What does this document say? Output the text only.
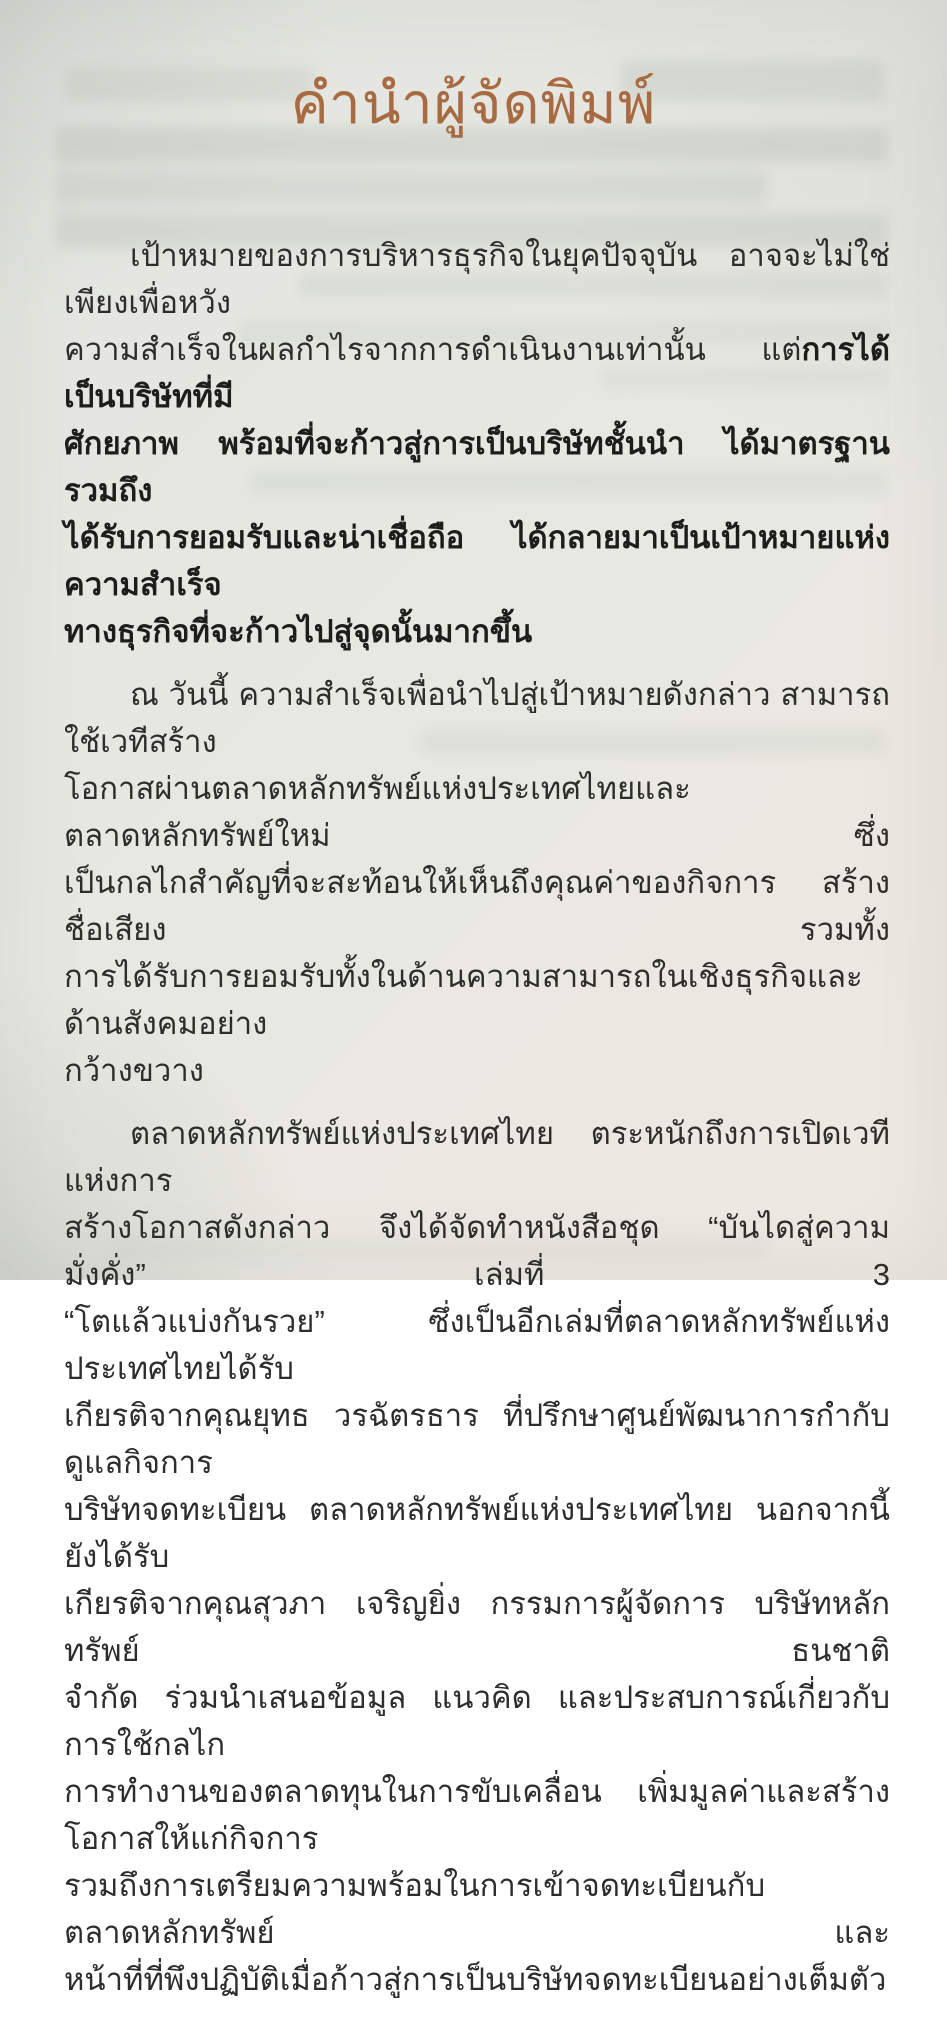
คำนำผู้จัดพิมพ์
เป้าหมายของการบริหารธุรกิจในยุคปัจจุบัน อาจจะไม่ใช่เพียงเพื่อหวัง
ความสำเร็จในผลกำไรจากการดำเนินงานเท่านั้น แต่การได้เป็นบริษัทที่มี
ศักยภาพ พร้อมที่จะก้าวสู่การเป็นบริษัทชั้นนำ ได้มาตรฐาน รวมถึง
ได้รับการยอมรับและน่าเชื่อถือ ได้กลายมาเป็นเป้าหมายแห่งความสำเร็จ
ทางธุรกิจที่จะก้าวไปสู่จุดนั้นมากขึ้น
ณ วันนี้ ความสำเร็จเพื่อนำไปสู่เป้าหมายดังกล่าว สามารถใช้เวทีสร้าง
โอกาสผ่านตลาดหลักทรัพย์แห่งประเทศไทยและตลาดหลักทรัพย์ใหม่ ซึ่ง
เป็นกลไกสำคัญที่จะสะท้อนให้เห็นถึงคุณค่าของกิจการ สร้างชื่อเสียง รวมทั้ง
การได้รับการยอมรับทั้งในด้านความสามารถในเชิงธุรกิจและด้านสังคมอย่าง
กว้างขวาง
ตลาดหลักทรัพย์แห่งประเทศไทย ตระหนักถึงการเปิดเวทีแห่งการ
สร้างโอกาสดังกล่าว จึงได้จัดทำหนังสือชุด “บันไดสู่ความมั่งคั่ง” เล่มที่ 3
“โตแล้วแบ่งกันรวย” ซึ่งเป็นอีกเล่มที่ตลาดหลักทรัพย์แห่งประเทศไทยได้รับ
เกียรติจากคุณยุทธ วรฉัตรธาร ที่ปรึกษาศูนย์พัฒนาการกำกับดูแลกิจการ
บริษัทจดทะเบียน ตลาดหลักทรัพย์แห่งประเทศไทย นอกจากนี้ ยังได้รับ
เกียรติจากคุณสุวภา เจริญยิ่ง กรรมการผู้จัดการ บริษัทหลักทรัพย์ ธนชาติ
จำกัด ร่วมนำเสนอข้อมูล แนวคิด และประสบการณ์เกี่ยวกับการใช้กลไก
การทำงานของตลาดทุนในการขับเคลื่อน เพิ่มมูลค่าและสร้างโอกาสให้แก่กิจการ
รวมถึงการเตรียมความพร้อมในการเข้าจดทะเบียนกับตลาดหลักทรัพย์ และ
หน้าที่ที่พึงปฏิบัติเมื่อก้าวสู่การเป็นบริษัทจดทะเบียนอย่างเต็มตัว
